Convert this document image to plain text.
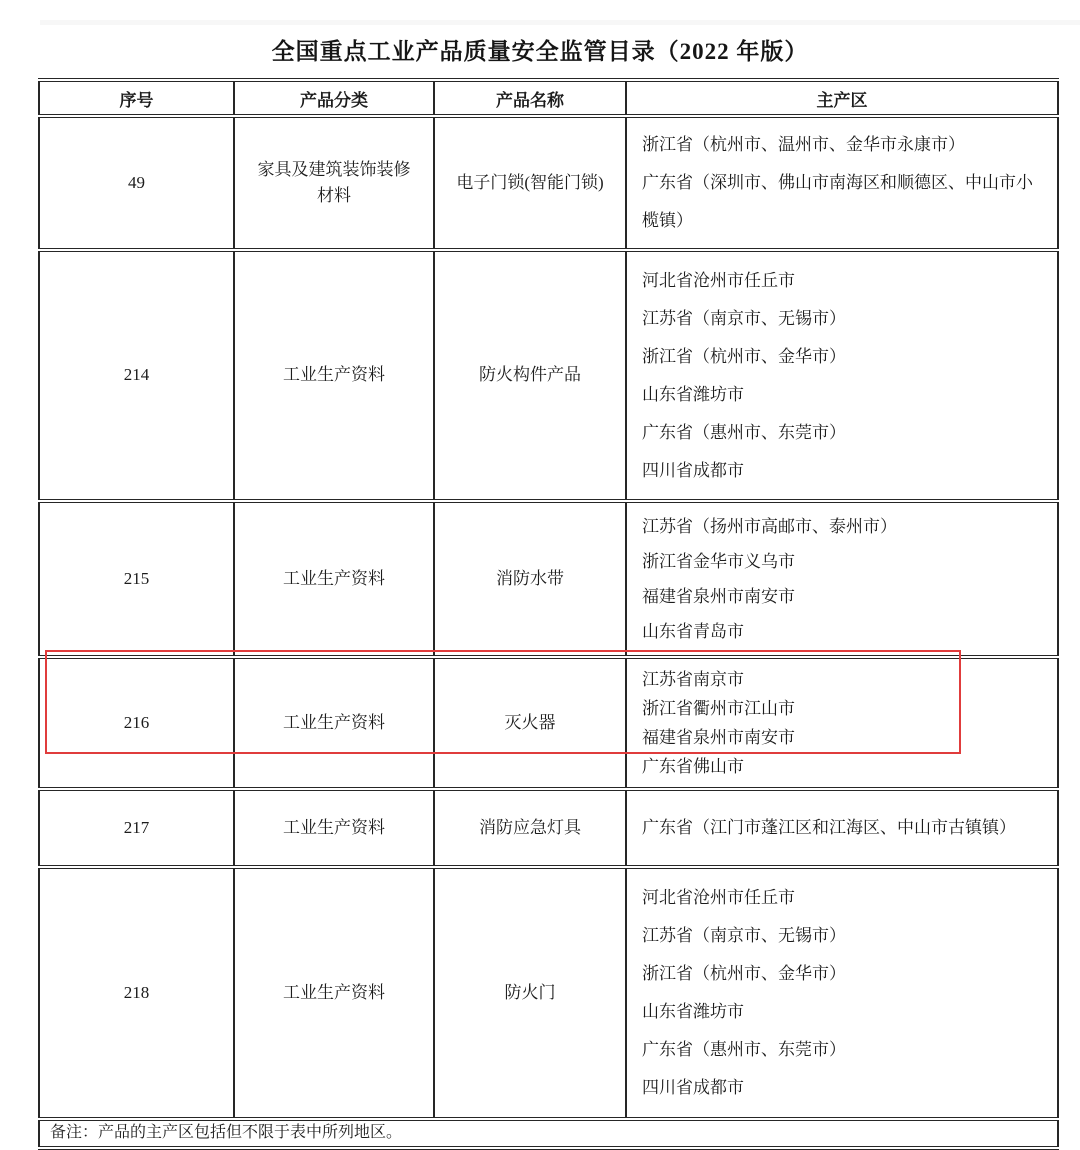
全国重点工业产品质量安全监管目录（2022 年版）
序号	产品分类	产品名称	主产区
49	家具及建筑装饰装修材料	电子门锁(智能门锁)	浙江省（杭州市、温州市、金华市永康市）
广东省（深圳市、佛山市南海区和顺德区、中山市小榄镇）

214	工业生产资料	防火构件产品	
河北省沧州市任丘市
江苏省（南京市、无锡市）
浙江省（杭州市、金华市）
山东省潍坊市
广东省（惠州市、东莞市）
四川省成都市

215	工业生产资料	消防水带	江苏省（扬州市高邮市、泰州市）
浙江省金华市义乌市
福建省泉州市南安市
山东省青岛市

216	工业生产资料	灭火器	江苏省南京市
浙江省衢州市江山市
福建省泉州市南安市
广东省佛山市

217	工业生产资料	消防应急灯具	广东省（江门市蓬江区和江海区、中山市古镇镇）

218	工业生产资料	防火门	
河北省沧州市任丘市
江苏省（南京市、无锡市）
浙江省（杭州市、金华市）
山东省潍坊市
广东省（惠州市、东莞市）
四川省成都市

备注：产品的主产区包括但不限于表中所列地区。			
